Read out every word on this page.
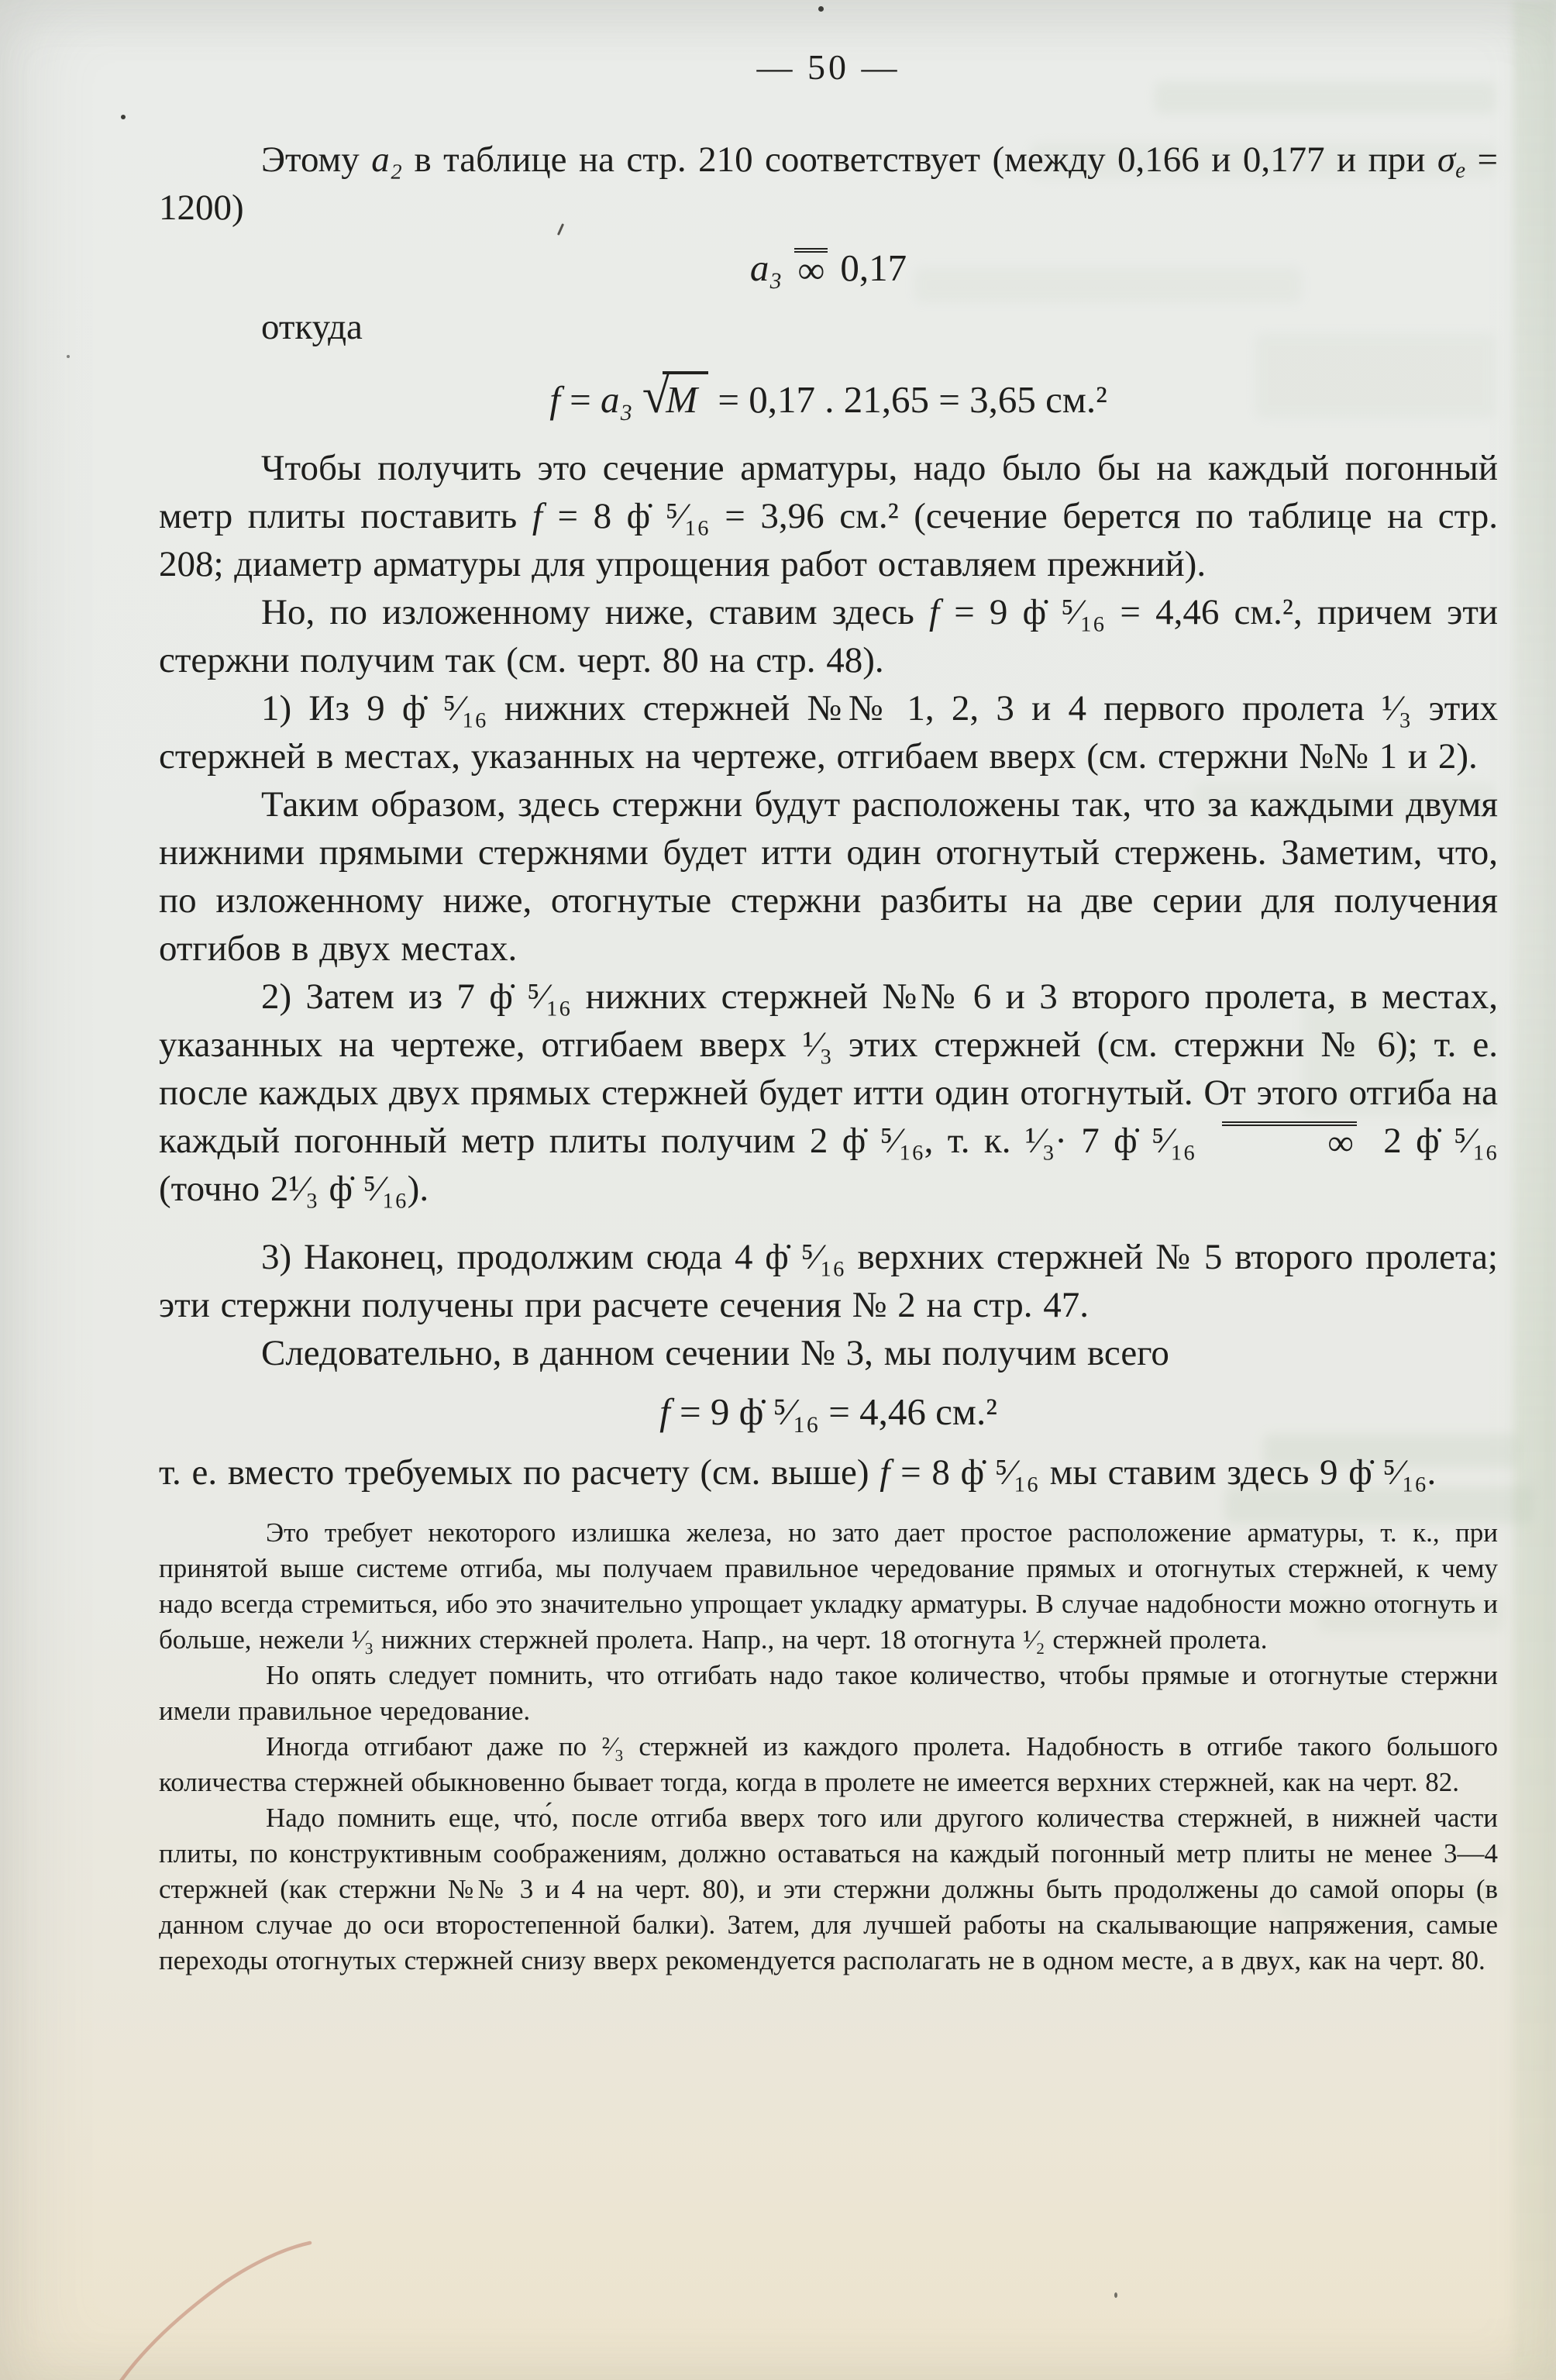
— 50 —

Этому a₂ в таблице на стр. 210 соответствует (между 0,166 и 0,177 и при $\sigma_e = 1200$)

a₃ ∞ 0,17

откуда

f = a₃ √M = 0,17 . 21,65 = 3,65 см.²

Чтобы получить это сечение арматуры, надо было бы на каждый погонный метр плиты поставить f = 8 ф̇ ⁵⁄₁₆ = 3,96 см.² (сечение берется по таблице на стр. 208; диаметр арматуры для упрощения работ оставляем прежний).

Но, по изложенному ниже, ставим здесь f = 9 ф̇ ⁵⁄₁₆ = 4,46 см.², причем эти стержни получим так (см. черт. 80 на стр. 48).

1) Из 9 ф̇ ⁵⁄₁₆ нижних стержней №№ 1, 2, 3 и 4 первого пролета ¹⁄₃ этих стержней в местах, указанных на чертеже, отгибаем вверх (см. стержни №№ 1 и 2).

Таким образом, здесь стержни будут расположены так, что за каждыми двумя нижними прямыми стержнями будет итти один отогнутый стержень. Заметим, что, по изложенному ниже, отогнутые стержни разбиты на две серии для получения отгибов в двух местах.

2) Затем из 7 ф̇ ⁵⁄₁₆ нижних стержней №№ 6 и 3 второго пролета, в местах, указанных на чертеже, отгибаем вверх ¹⁄₃ этих стержней (см. стержни № 6); т. е. после каждых двух прямых стержней будет итти один отогнутый. От этого отгиба на каждый погонный метр плиты получим 2 ф̇ ⁵⁄₁₆, т. к. ¹⁄₃· 7 ф̇ ⁵⁄₁₆	∞ 2 ф̇ ⁵⁄₁₆ (точно 2¹⁄₃ ф̇ ⁵⁄₁₆).

3) Наконец, продолжим сюда 4 ф̇ ⁵⁄₁₆ верхних стержней № 5 второго пролета; эти стержни получены при расчете сечения № 2 на стр. 47.

Следовательно, в данном сечении № 3, мы получим всего

f = 9 ф̇ ⁵⁄₁₆ = 4,46 см.²

т. е. вместо требуемых по расчету (см. выше) f = 8 ф̇ ⁵⁄₁₆ мы ставим здесь 9 ф̇ ⁵⁄₁₆.

Это требует некоторого излишка железа, но зато дает простое расположение арматуры, т. к., при принятой выше системе отгиба, мы получаем правильное чередование прямых и отогнутых стержней, к чему надо всегда стремиться, ибо это значительно упрощает укладку арматуры. В случае надобности можно отогнуть и больше, нежели ¹⁄₃ нижних стержней пролета. Напр., на черт. 18 отогнута ¹⁄₂ стержней пролета.

Но опять следует помнить, что отгибать надо такое количество, чтобы прямые и отогнутые стержни имели правильное чередование.

Иногда отгибают даже по ²⁄₃ стержней из каждого пролета. Надобность в отгибе такого большого количества стержней обыкновенно бывает тогда, когда в пролете не имеется верхних стержней, как на черт. 82.

Надо помнить еще, что́, после отгиба вверх того или другого количества стержней, в нижней части плиты, по конструктивным соображениям, должно оставаться на каждый погонный метр плиты не менее 3—4 стержней (как стержни №№ 3 и 4 на черт. 80), и эти стержни должны быть продолжены до самой опоры (в данном случае до оси второстепенной балки). Затем, для лучшей работы на скалывающие напряжения, самые переходы отогнутых стержней снизу вверх рекомендуется располагать не в одном месте, а в двух, как на черт. 80.
